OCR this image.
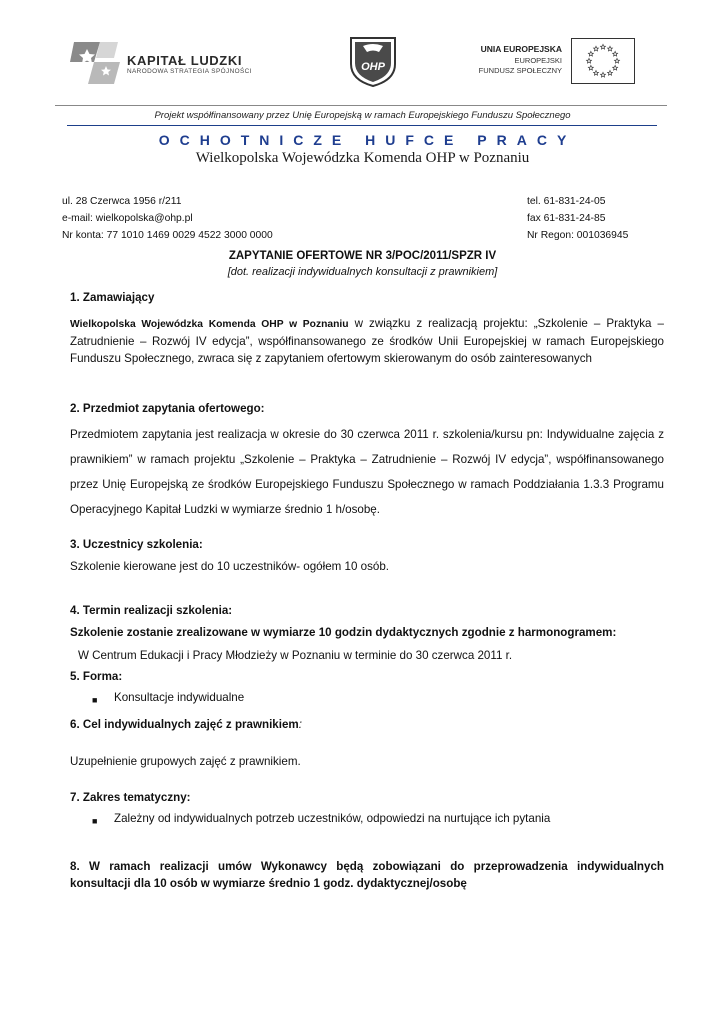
KAPITAŁ LUDZKI
NARODOWA STRATEGIA SPÓJNOŚCI	OHP
UNIA EUROPEJSKA
EUROPEJSKI
FUNDUSZ SPOŁECZNY
Projekt współfinansowany przez Unię Europejską w ramach Europejskiego Funduszu Społecznego
OCHOTNICZE HUFCE PRACY
Wielkopolska Wojewódzka Komenda OHP w Poznaniu
ul. 28 Czerwca 1956 r/211	tel. 61-831-24-05
e-mail: wielkopolska@ohp.pl	fax 61-831-24-85
Nr konta: 77 1010 1469 0029 4522 3000 0000	Nr Regon: 001036945
ZAPYTANIE OFERTOWE NR 3/POC/2011/SPZR IV
[dot. realizacji indywidualnych konsultacji z prawnikiem]

1. Zamawiający

Wielkopolska Wojewódzka Komenda OHP w Poznaniu w związku z realizacją projektu: „Szkolenie – Praktyka – Zatrudnienie – Rozwój IV edycja”, współfinansowanego ze środków Unii Europejskiej w ramach Europejskiego Funduszu Społecznego, zwraca się z zapytaniem ofertowym skierowanym do osób zainteresowanych

2. Przedmiot zapytania ofertowego:

Przedmiotem zapytania jest realizacja w okresie do 30 czerwca 2011 r. szkolenia/kursu pn: Indywidualne zajęcia z prawnikiem” w ramach projektu „Szkolenie – Praktyka – Zatrudnienie – Rozwój IV edycja”, współfinansowanego przez Unię Europejską ze środków Europejskiego Funduszu Społecznego w ramach Poddziałania 1.3.3 Programu Operacyjnego Kapitał Ludzki w wymiarze średnio 1 h/osobę.

3. Uczestnicy szkolenia:

Szkolenie kierowane jest do 10 uczestników- ogółem 10 osób.

4. Termin realizacji szkolenia:

Szkolenie zostanie zrealizowane w wymiarze 10 godzin dydaktycznych zgodnie z harmonogramem:

W Centrum Edukacji i Pracy Młodzieży w Poznaniu w terminie do 30 czerwca 2011 r.

5. Forma:

■	Konsultacje indywidualne

6. Cel indywidualnych zajęć z prawnikiem:

Uzupełnienie grupowych zajęć z prawnikiem.

7. Zakres tematyczny:

■	Zależny od indywidualnych potrzeb uczestników, odpowiedzi na nurtujące ich pytania

8. W ramach realizacji umów Wykonawcy będą zobowiązani do przeprowadzenia indywidualnych konsultacji dla 10 osób w wymiarze średnio 1 godz. dydaktycznej/osobę
